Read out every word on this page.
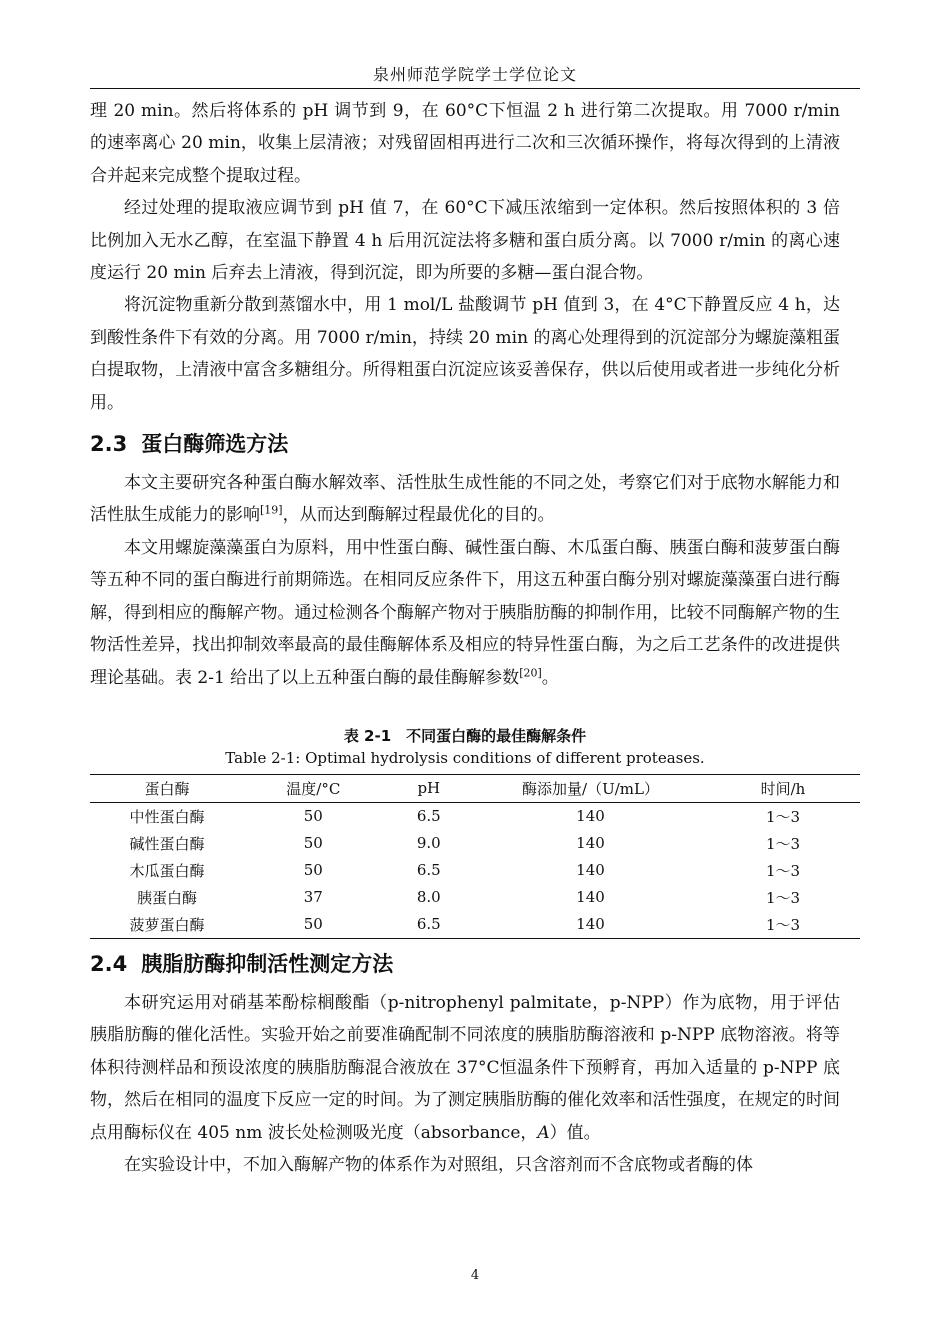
泉州师范学院学士学位论文

理 20 min。然后将体系的 pH 调节到 9，在 60°C下恒温 2 h 进行第二次提取。用 7000 r/min 的速率离心 20 min，收集上层清液；对残留固相再进行二次和三次循环操作，将每次得到的上清液合并起来完成整个提取过程。

经过处理的提取液应调节到 pH 值 7，在 60°C下减压浓缩到一定体积。然后按照体积的 3 倍比例加入无水乙醇，在室温下静置 4 h 后用沉淀法将多糖和蛋白质分离。以 7000 r/min 的离心速度运行 20 min 后弃去上清液，得到沉淀，即为所要的多糖—蛋白混合物。

将沉淀物重新分散到蒸馏水中，用 1 mol/L 盐酸调节 pH 值到 3，在 4°C下静置反应 4 h，达到酸性条件下有效的分离。用 7000 r/min，持续 20 min 的离心处理得到的沉淀部分为螺旋藻粗蛋白提取物，上清液中富含多糖组分。所得粗蛋白沉淀应该妥善保存，供以后使用或者进一步纯化分析用。

2.3 蛋白酶筛选方法

本文主要研究各种蛋白酶水解效率、活性肽生成性能的不同之处，考察它们对于底物水解能力和活性肽生成能力的影响[19]，从而达到酶解过程最优化的目的。

本文用螺旋藻藻蛋白为原料，用中性蛋白酶、碱性蛋白酶、木瓜蛋白酶、胰蛋白酶和菠萝蛋白酶等五种不同的蛋白酶进行前期筛选。在相同反应条件下，用这五种蛋白酶分别对螺旋藻藻蛋白进行酶解，得到相应的酶解产物。通过检测各个酶解产物对于胰脂肪酶的抑制作用，比较不同酶解产物的生物活性差异，找出抑制效率最高的最佳酶解体系及相应的特异性蛋白酶，为之后工艺条件的改进提供理论基础。表 2-1 给出了以上五种蛋白酶的最佳酶解参数[20]。

表 2-1　不同蛋白酶的最佳酶解条件
Table 2-1: Optimal hydrolysis conditions of different proteases.
蛋白酶	温度/°C	pH	酶添加量/（U/mL）	时间/h
中性蛋白酶	50	6.5	140	1～3
碱性蛋白酶	50	9.0	140	1～3
木瓜蛋白酶	50	6.5	140	1～3
胰蛋白酶	37	8.0	140	1～3
菠萝蛋白酶	50	6.5	140	1～3
2.4 胰脂肪酶抑制活性测定方法

本研究运用对硝基苯酚棕榈酸酯（p-nitrophenyl palmitate，p-NPP）作为底物，用于评估胰脂肪酶的催化活性。实验开始之前要准确配制不同浓度的胰脂肪酶溶液和 p-NPP 底物溶液。将等体积待测样品和预设浓度的胰脂肪酶混合液放在 37°C恒温条件下预孵育，再加入适量的 p-NPP 底物，然后在相同的温度下反应一定的时间。为了测定胰脂肪酶的催化效率和活性强度，在规定的时间点用酶标仪在 405 nm 波长处检测吸光度（absorbance，A）值。

在实验设计中，不加入酶解产物的体系作为对照组，只含溶剂而不含底物或者酶的体

4
